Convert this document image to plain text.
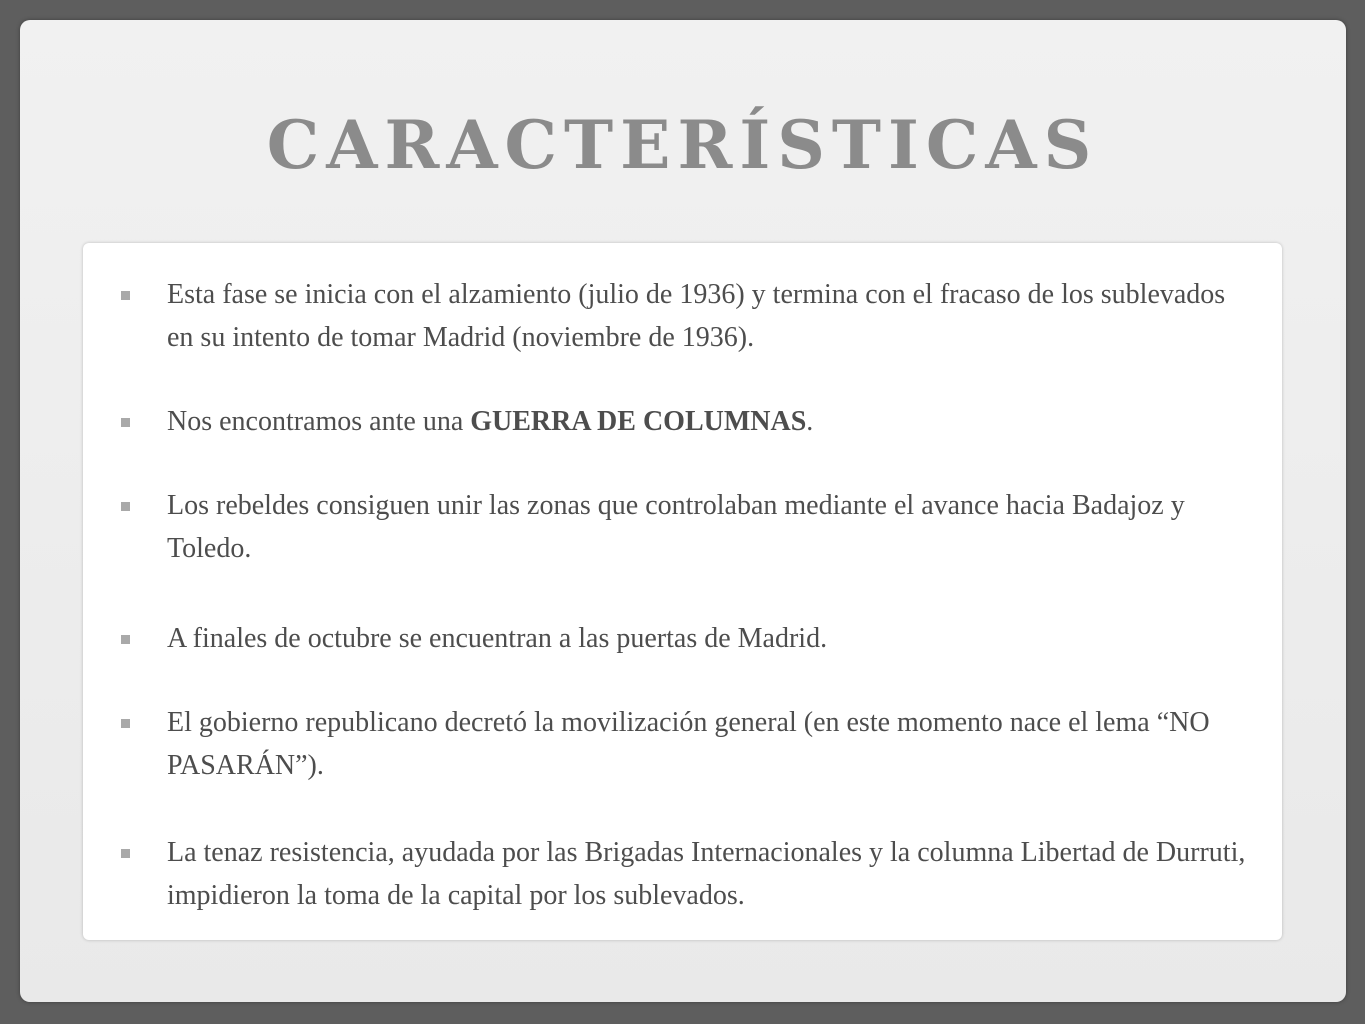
CARACTERÍSTICAS
Esta fase se inicia con el alzamiento (julio de 1936) y termina con el fracaso de los sublevados en su intento de tomar Madrid (noviembre de 1936).
Nos encontramos ante una GUERRA DE COLUMNAS.
Los rebeldes consiguen unir las zonas que controlaban mediante el avance hacia Badajoz y Toledo.
A finales de octubre se encuentran a las puertas de Madrid.
El gobierno republicano decretó la movilización general (en este momento nace el lema “NO PASARÁN”).
La tenaz resistencia, ayudada por las Brigadas Internacionales y la columna Libertad de Durruti, impidieron la toma de la capital por los sublevados.
